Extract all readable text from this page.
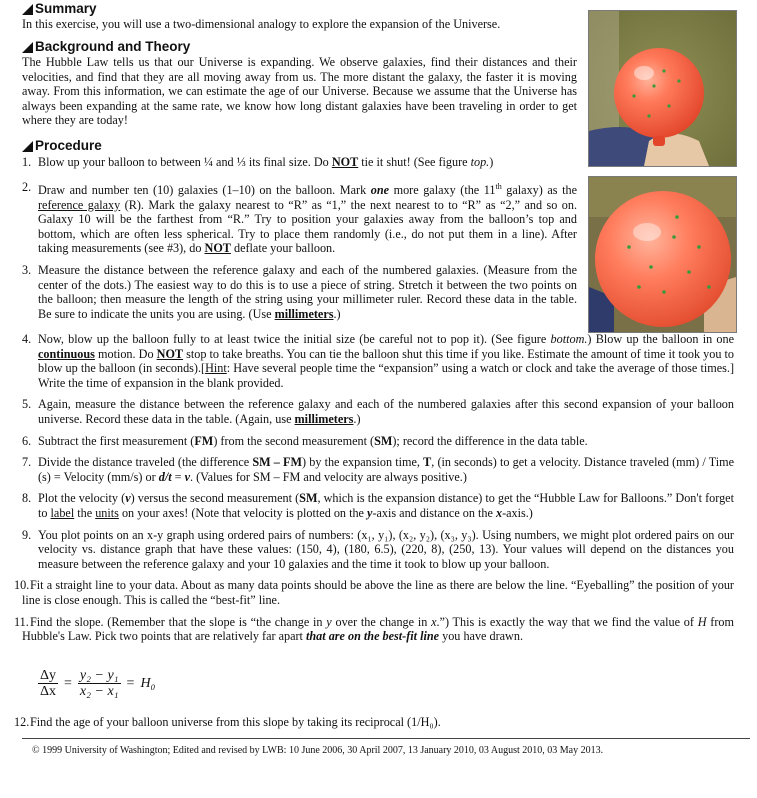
Summary

In this exercise, you will use a two-dimensional analogy to explore the expansion of the Universe.

Background and Theory

The Hubble Law tells us that our Universe is expanding. We observe galaxies, find their distances and their velocities, and find that they are all moving away from us. The more distant the galaxy, the faster it is moving away. From this information, we can estimate the age of our Universe. Because we assume that the Universe has always been expanding at the same rate, we know how long distant galaxies have been traveling in order to get where they are today!

Procedure
1. Blow up your balloon to between ¼ and ⅓ its final size. Do NOT tie it shut! (See figure top.)
2. Draw and number ten (10) galaxies (1–10) on the balloon. Mark one more galaxy (the 11th galaxy) as the reference galaxy (R). Mark the galaxy nearest to “R” as “1,” the next nearest to to “R” as “2,” and so on. Galaxy 10 will be the farthest from “R.” Try to position your galaxies away from the balloon’s top and bottom, which are often less spherical. Try to place them randomly (i.e., do not put them in a line). After taking measurements (see #3), do NOT deflate your balloon.
3. Measure the distance between the reference galaxy and each of the numbered galaxies. (Measure from the center of the dots.) The easiest way to do this is to use a piece of string. Stretch it between the two points on the balloon; then measure the length of the string using your millimeter ruler. Record these data in the table. Be sure to indicate the units you are using. (Use millimeters.)
4. Now, blow up the balloon fully to at least twice the initial size (be careful not to pop it). (See figure bottom.) Blow up the balloon in one continuous motion. Do NOT stop to take breaths. You can tie the balloon shut this time if you like. Estimate the amount of time it took you to blow up the balloon (in seconds).[Hint: Have several people time the “expansion” using a watch or clock and take the average of those times.] Write the time of expansion in the blank provided.
5. Again, measure the distance between the reference galaxy and each of the numbered galaxies after this second expansion of your balloon universe. Record these data in the table. (Again, use millimeters.)
6. Subtract the first measurement (FM) from the second measurement (SM); record the difference in the data table.
7. Divide the distance traveled (the difference SM – FM) by the expansion time, T, (in seconds) to get a velocity. Distance traveled (mm) / Time (s) = Velocity (mm/s) or d/t = v. (Values for SM – FM and velocity are always positive.)
8. Plot the velocity (v) versus the second measurement (SM, which is the expansion distance) to get the “Hubble Law for Balloons.” Don't forget to label the units on your axes! (Note that velocity is plotted on the y-axis and distance on the x-axis.)
9. You plot points on an x-y graph using ordered pairs of numbers: (x₁, y₁), (x₂, y₂), (x₃, y₃). Using numbers, we might plot ordered pairs on our velocity vs. distance graph that have these values: (150, 4), (180, 6.5), (220, 8), (250, 13). Your values will depend on the distances you measure between the reference galaxy and your 10 galaxies and the time it took to blow up your balloon.
10.Fit a straight line to your data. About as many data points should be above the line as there are below the line. “Eyeballing” the position of your line is close enough. This is called the “best-fit” line.
11.Find the slope. (Remember that the slope is “the change in y over the change in x.”) This is exactly the way that we find the value of H from Hubble's Law. Pick two points that are relatively far apart that are on the best-fit line you have drawn.
$\frac{\Delta y}{\Delta x} = \frac{\text{y₂ − y₁}}{\text{x₂ − x₁}} = H_0$
12.Find the age of your balloon universe from this slope by taking its reciprocal (1/H₀).
© 1999 University of Washington; Edited and revised by LWB: 10 June 2006, 30 April 2007, 13 January 2010, 03 August 2010, 03 May 2013.
